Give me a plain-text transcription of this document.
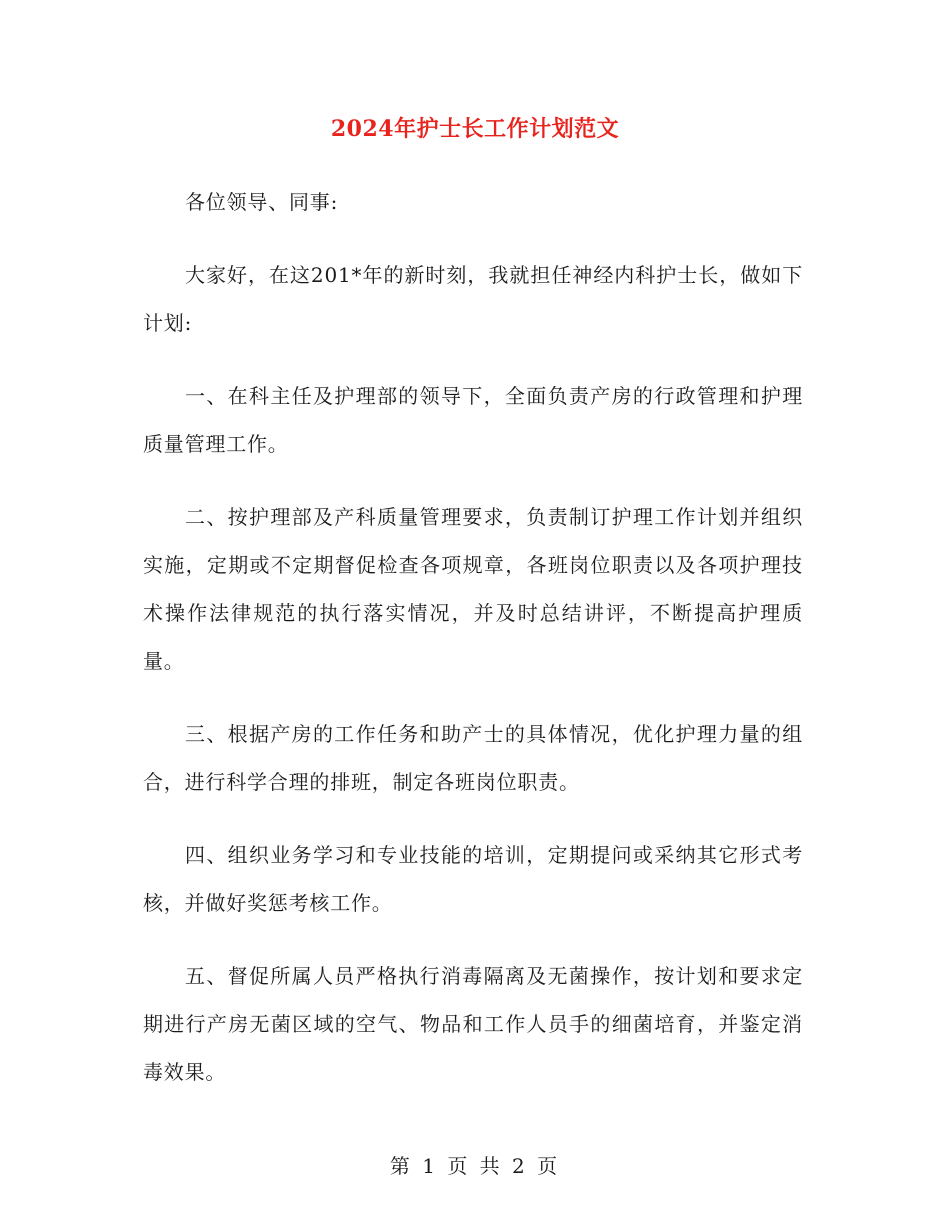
2024年护士长工作计划范文

各位领导、同事:

大家好，在这201*年的新时刻，我就担任神经内科护士长，做如下计划:

一、在科主任及护理部的领导下，全面负责产房的行政管理和护理质量管理工作。

二、按护理部及产科质量管理要求，负责制订护理工作计划并组织实施，定期或不定期督促检查各项规章，各班岗位职责以及各项护理技术操作法律规范的执行落实情况，并及时总结讲评，不断提高护理质量。

三、根据产房的工作任务和助产士的具体情况，优化护理力量的组合，进行科学合理的排班，制定各班岗位职责。

四、组织业务学习和专业技能的培训，定期提问或采纳其它形式考核，并做好奖惩考核工作。

五、督促所属人员严格执行消毒隔离及无菌操作，按计划和要求定期进行产房无菌区域的空气、物品和工作人员手的细菌培育，并鉴定消毒效果。

第 1 页 共 2 页
